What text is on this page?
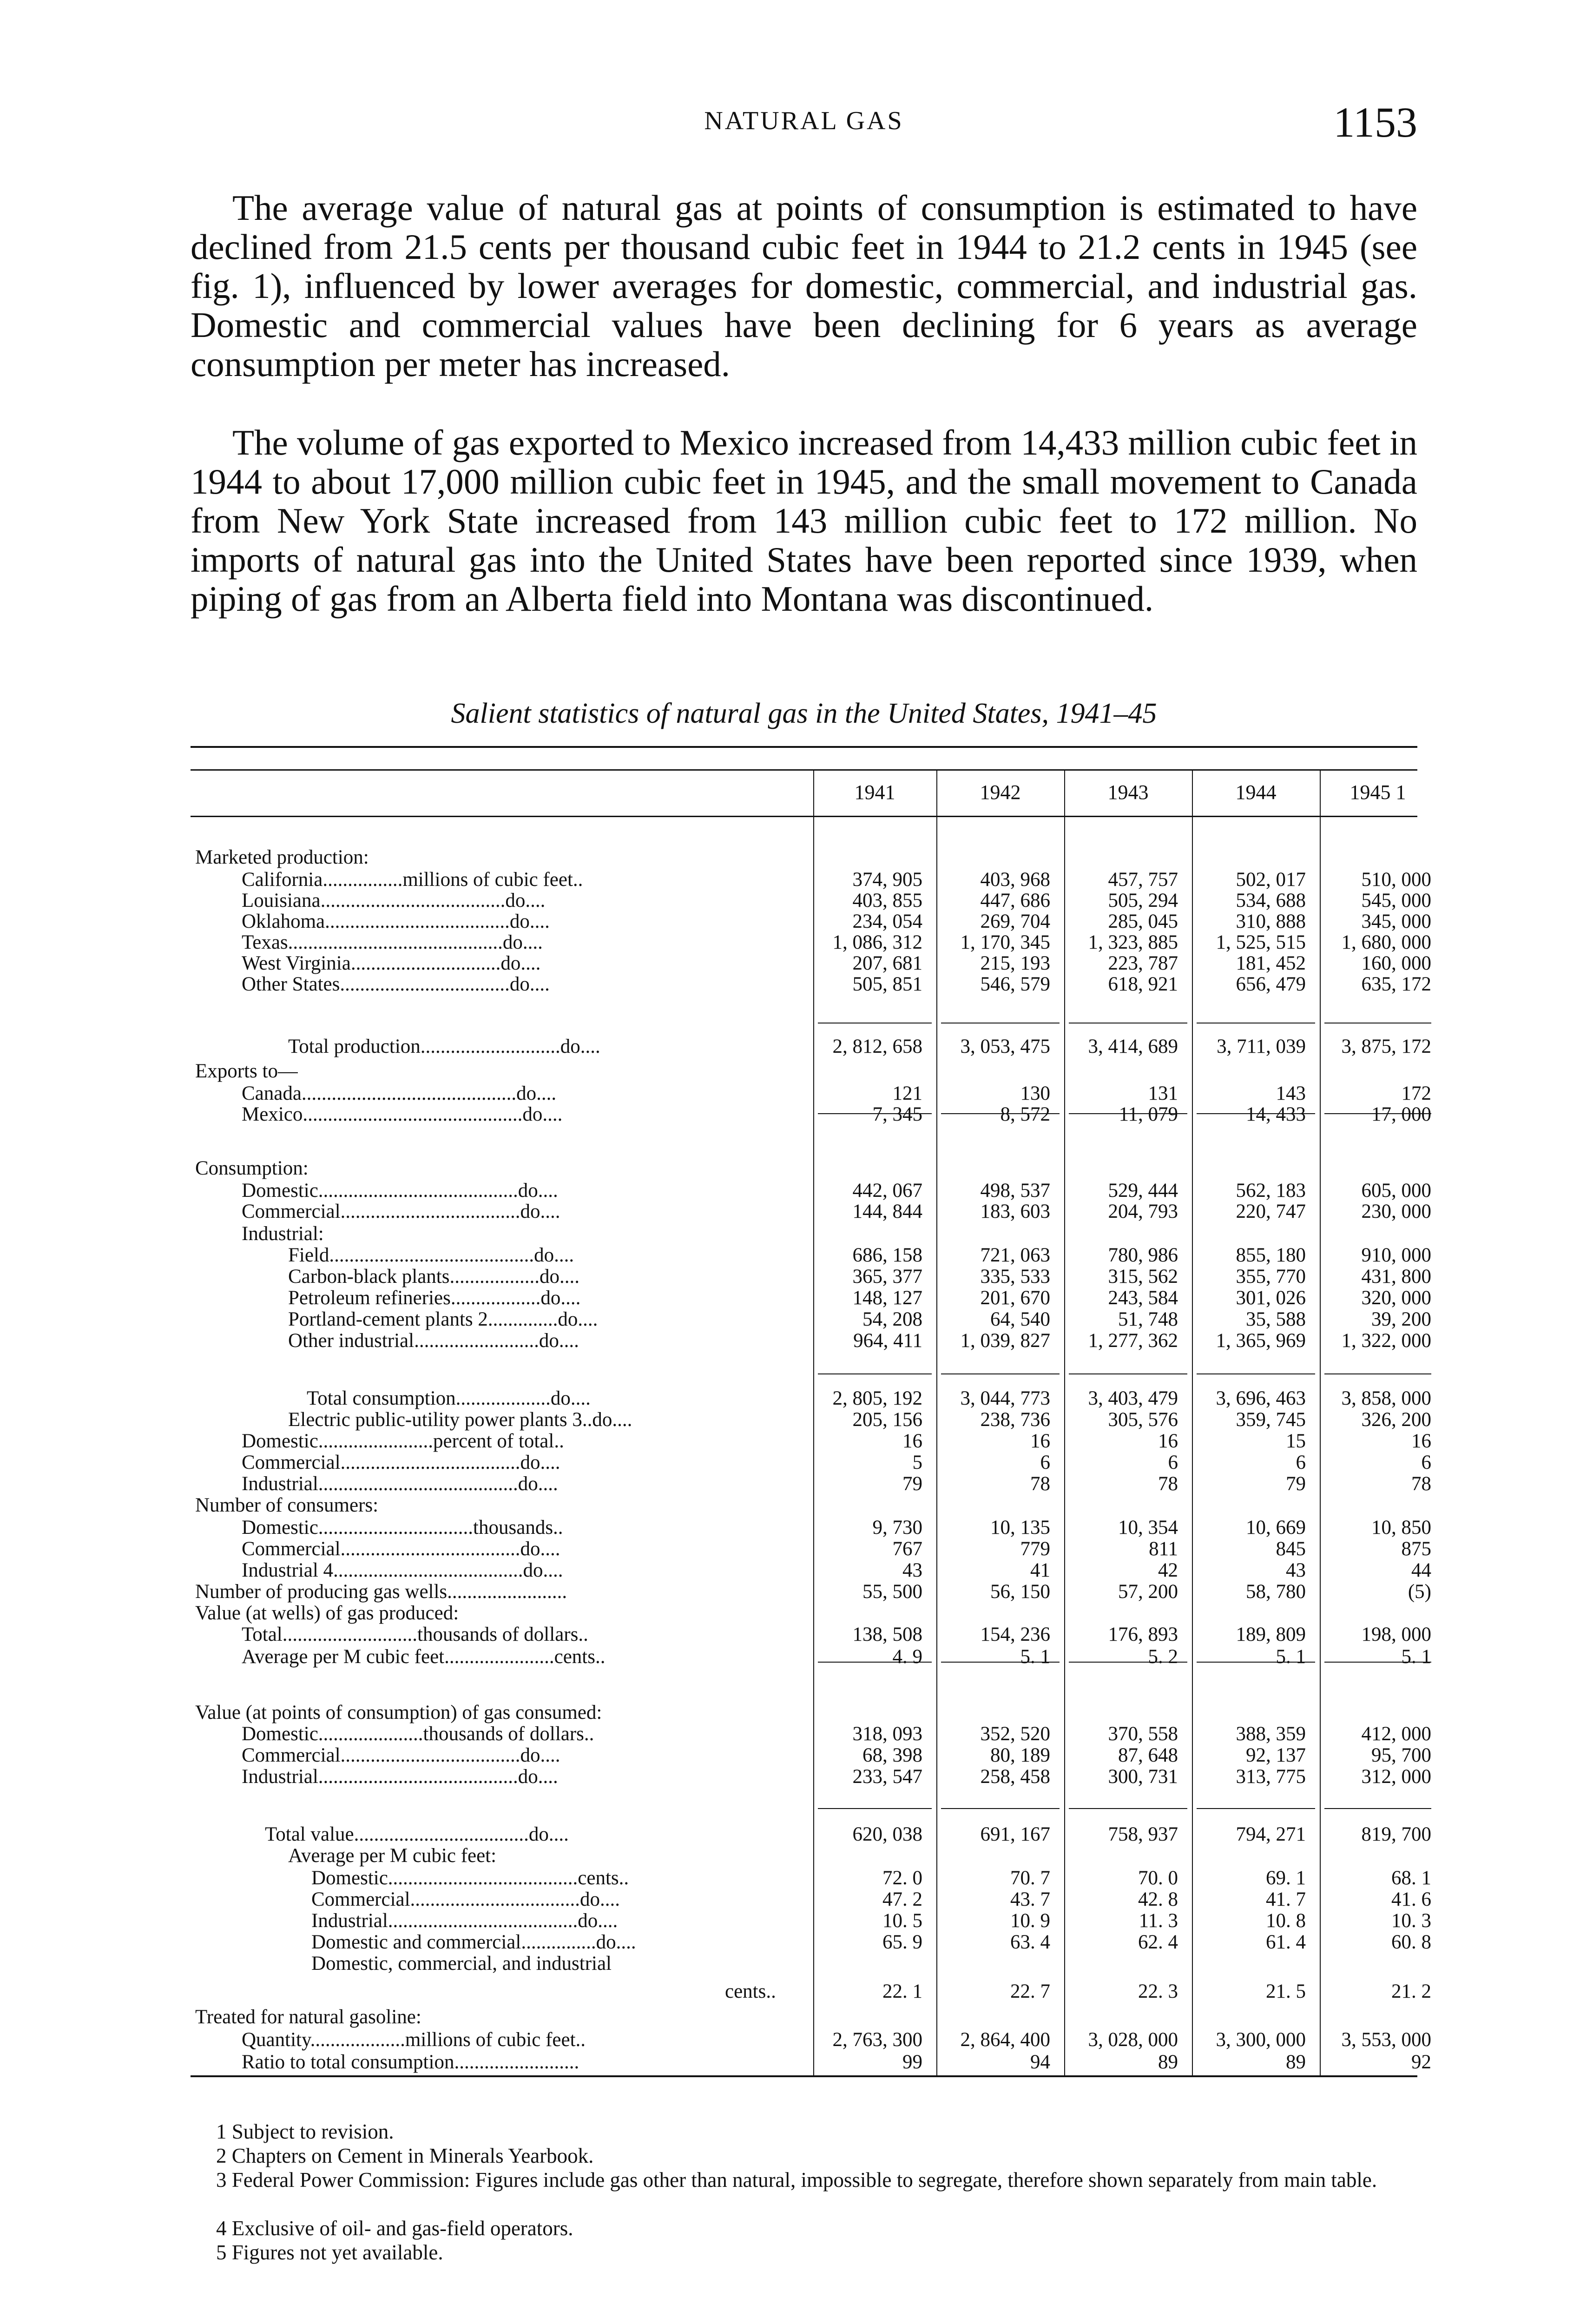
NATURAL GAS	1153

The average value of natural gas at points of consumption is estimated to have declined from 21.5 cents per thousand cubic feet in 1944 to 21.2 cents in 1945 (see fig. 1), influenced by lower averages for domestic, commercial, and industrial gas. Domestic and commercial values have been declining for 6 years as average consumption per meter has increased.

The volume of gas exported to Mexico increased from 14,433 million cubic feet in 1944 to about 17,000 million cubic feet in 1945, and the small movement to Canada from New York State increased from 143 million cubic feet to 172 million. No imports of natural gas into the United States have been reported since 1939, when piping of gas from an Alberta field into Montana was discontinued.

Salient statistics of natural gas in the United States, 1941–45
1941	1942	1943	1944	1945 1
Marketed production:
California................millions of cubic feet..	374, 905	403, 968	457, 757	502, 017	510, 000
Louisiana.....................................do....	403, 855	447, 686	505, 294	534, 688	545, 000
Oklahoma.....................................do....	234, 054	269, 704	285, 045	310, 888	345, 000
Texas...........................................do....	1, 086, 312	1, 170, 345	1, 323, 885	1, 525, 515	1, 680, 000
West Virginia..............................do....	207, 681	215, 193	223, 787	181, 452	160, 000
Other States..................................do....	505, 851	546, 579	618, 921	656, 479	635, 172
Total production............................do....	2, 812, 658	3, 053, 475	3, 414, 689	3, 711, 039	3, 875, 172
Exports to—
Canada...........................................do....	121	130	131	143	172
Mexico............................................do....	7, 345	8, 572	11, 079	14, 433	17, 000
Consumption:
Domestic........................................do....	442, 067	498, 537	529, 444	562, 183	605, 000
Commercial....................................do....	144, 844	183, 603	204, 793	220, 747	230, 000
Industrial:
Field.........................................do....	686, 158	721, 063	780, 986	855, 180	910, 000
Carbon-black plants..................do....	365, 377	335, 533	315, 562	355, 770	431, 800
Petroleum refineries..................do....	148, 127	201, 670	243, 584	301, 026	320, 000
Portland-cement plants 2..............do....	54, 208	64, 540	51, 748	35, 588	39, 200
Other industrial.........................do....	964, 411	1, 039, 827	1, 277, 362	1, 365, 969	1, 322, 000
Total consumption...................do....	2, 805, 192	3, 044, 773	3, 403, 479	3, 696, 463	3, 858, 000
Electric public-utility power plants 3..do....	205, 156	238, 736	305, 576	359, 745	326, 200
Domestic.......................percent of total..	16	16	16	15	16
Commercial....................................do....	5	6	6	6	6
Industrial........................................do....	79	78	78	79	78
Number of consumers:
Domestic...............................thousands..	9, 730	10, 135	10, 354	10, 669	10, 850
Commercial....................................do....	767	779	811	845	875
Industrial 4......................................do....	43	41	42	43	44
Number of producing gas wells........................	55, 500	56, 150	57, 200	58, 780	(5)
Value (at wells) of gas produced:
Total...........................thousands of dollars..	138, 508	154, 236	176, 893	189, 809	198, 000
Average per M cubic feet......................cents..	4. 9	5. 1	5. 2	5. 1	5. 1
Value (at points of consumption) of gas consumed:
Domestic.....................thousands of dollars..	318, 093	352, 520	370, 558	388, 359	412, 000
Commercial....................................do....	68, 398	80, 189	87, 648	92, 137	95, 700
Industrial........................................do....	233, 547	258, 458	300, 731	313, 775	312, 000
Total value...................................do....	620, 038	691, 167	758, 937	794, 271	819, 700
Average per M cubic feet:
Domestic......................................cents..	72. 0	70. 7	70. 0	69. 1	68. 1
Commercial..................................do....	47. 2	43. 7	42. 8	41. 7	41. 6
Industrial......................................do....	10. 5	10. 9	11. 3	10. 8	10. 3
Domestic and commercial...............do....	65. 9	63. 4	62. 4	61. 4	60. 8
Domestic, commercial, and industrial
cents..	22. 1	22. 7	22. 3	21. 5	21. 2
Treated for natural gasoline:
Quantity...................millions of cubic feet..	2, 763, 300	2, 864, 400	3, 028, 000	3, 300, 000	3, 553, 000
Ratio to total consumption.........................	99	94	89	89	92
1 Subject to revision.
2 Chapters on Cement in Minerals Yearbook.
3 Federal Power Commission: Figures include gas other than natural, impossible to segregate, therefore shown separately from main table.
4 Exclusive of oil- and gas-field operators.
5 Figures not yet available.
